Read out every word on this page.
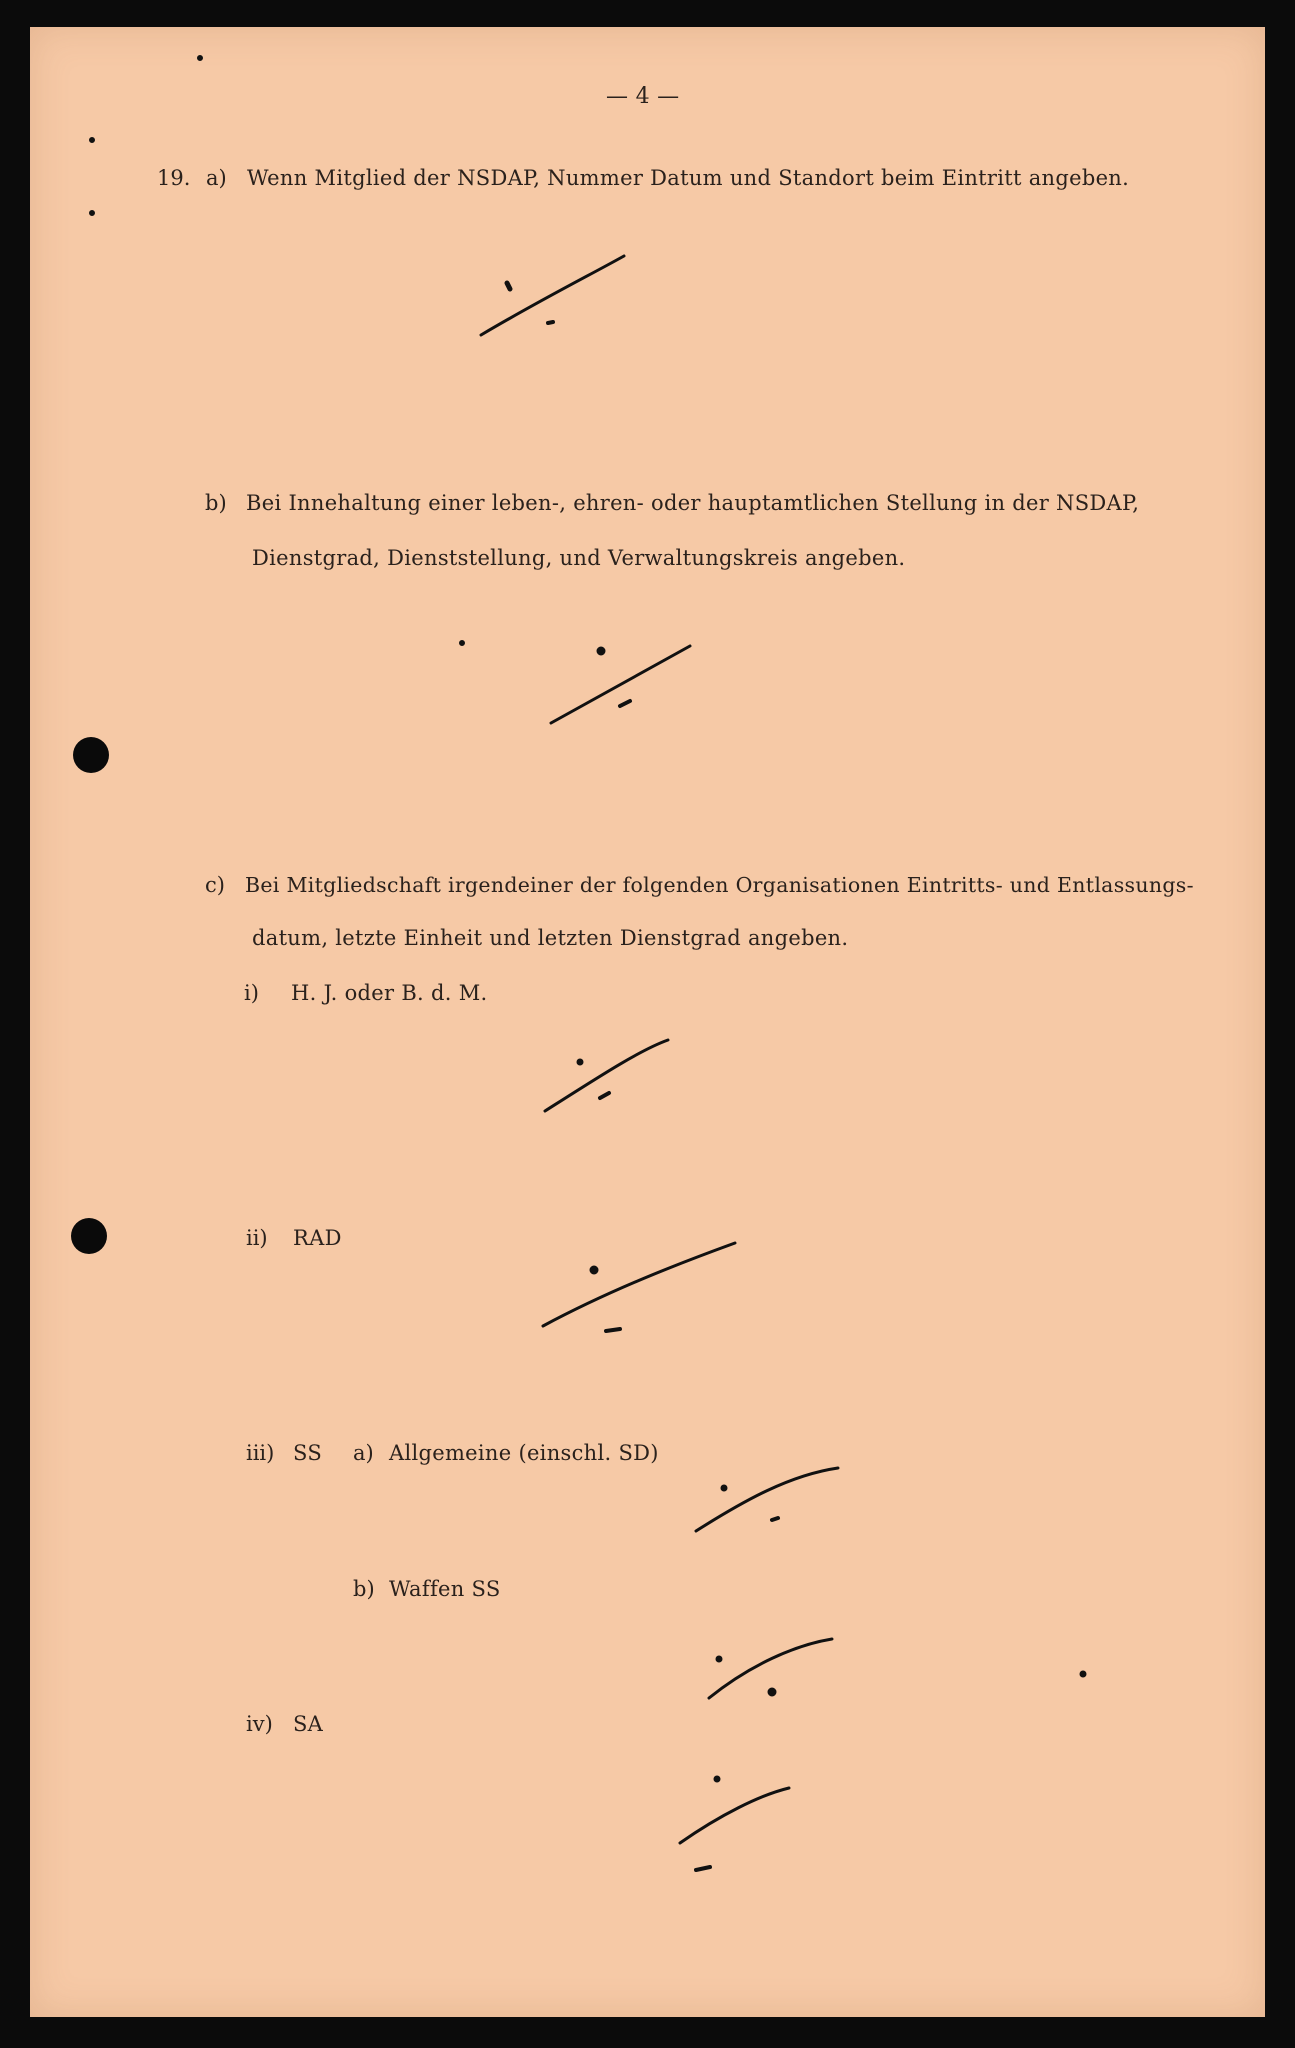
— 4 —
19. a) Wenn Mitglied der NSDAP, Nummer Datum und Standort beim Eintritt angeben.
b) Bei Innehaltung einer leben-, ehren- oder hauptamtlichen Stellung in der NSDAP,
Dienstgrad, Dienststellung, und Verwaltungskreis angeben.
c) Bei Mitgliedschaft irgendeiner der folgenden Organisationen Eintritts- und Entlassungs-
datum, letzte Einheit und letzten Dienstgrad angeben.
i) H. J. oder B. d. M.
ii) RAD
iii) SS a) Allgemeine (einschl. SD)
b) Waffen SS
iv) SA
